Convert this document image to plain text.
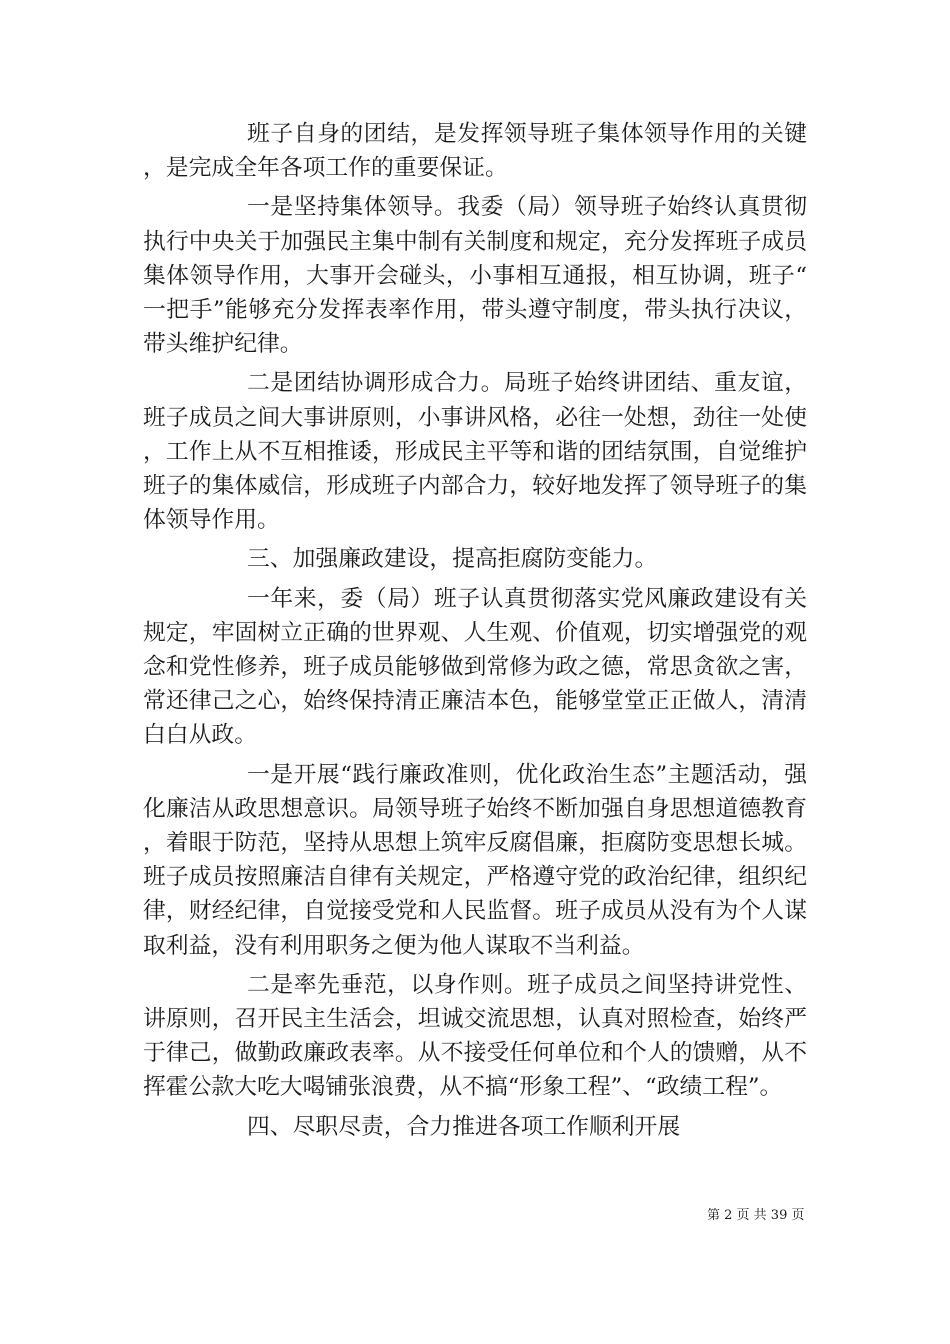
班子自身的团结，是发挥领导班子集体领导作用的关键，是完成全年各项工作的重要保证。

一是坚持集体领导。我委（局）领导班子始终认真贯彻执行中央关于加强民主集中制有关制度和规定，充分发挥班子成员集体领导作用，大事开会碰头，小事相互通报，相互协调，班子“一把手”能够充分发挥表率作用，带头遵守制度，带头执行决议，带头维护纪律。

二是团结协调形成合力。局班子始终讲团结、重友谊，班子成员之间大事讲原则，小事讲风格，必往一处想，劲往一处使，工作上从不互相推诿，形成民主平等和谐的团结氛围，自觉维护班子的集体威信，形成班子内部合力，较好地发挥了领导班子的集体领导作用。

三、加强廉政建设，提高拒腐防变能力。

一年来，委（局）班子认真贯彻落实党风廉政建设有关规定，牢固树立正确的世界观、人生观、价值观，切实增强党的观念和党性修养，班子成员能够做到常修为政之德，常思贪欲之害，常还律己之心，始终保持清正廉洁本色，能够堂堂正正做人，清清白白从政。

一是开展“践行廉政准则，优化政治生态”主题活动，强化廉洁从政思想意识。局领导班子始终不断加强自身思想道德教育，着眼于防范，坚持从思想上筑牢反腐倡廉，拒腐防变思想长城。班子成员按照廉洁自律有关规定，严格遵守党的政治纪律，组织纪律，财经纪律，自觉接受党和人民监督。班子成员从没有为个人谋取利益，没有利用职务之便为他人谋取不当利益。

二是率先垂范，以身作则。班子成员之间坚持讲党性、讲原则，召开民主生活会，坦诚交流思想，认真对照检查，始终严于律己，做勤政廉政表率。从不接受任何单位和个人的馈赠，从不挥霍公款大吃大喝铺张浪费，从不搞“形象工程”、“政绩工程”。

四、尽职尽责，合力推进各项工作顺利开展

第 2 页 共 39 页
